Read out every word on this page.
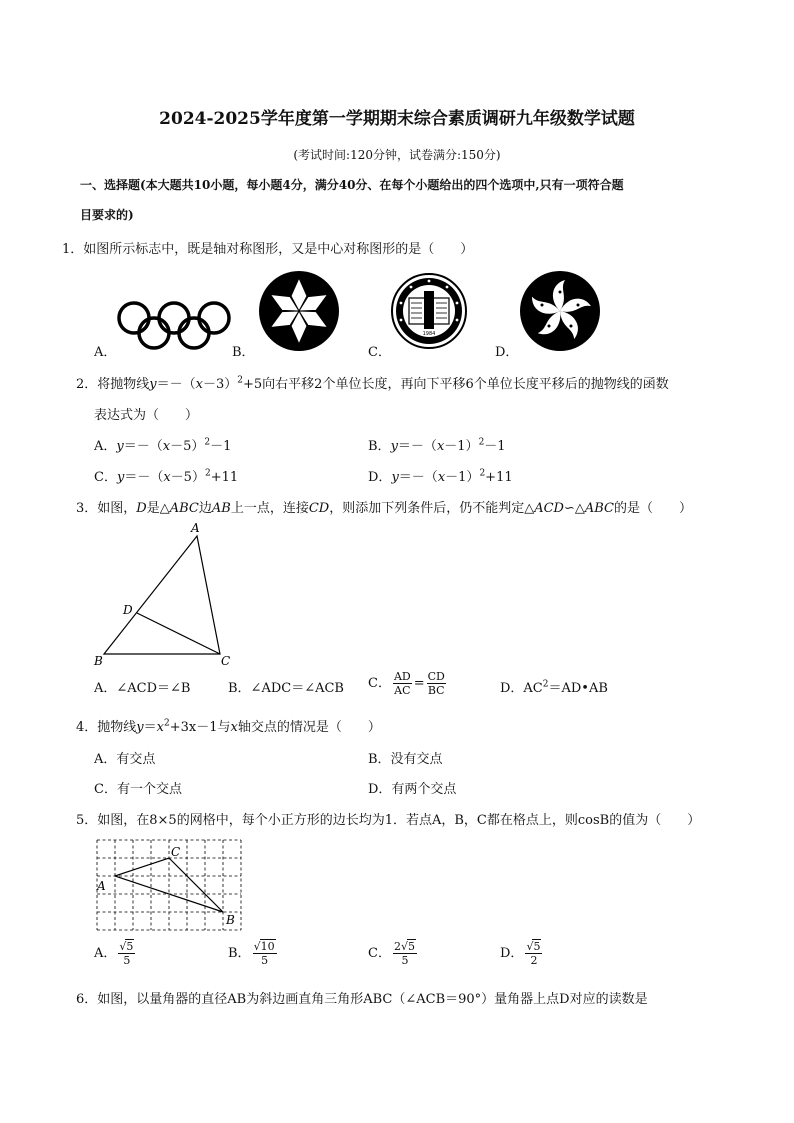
2024-2025学年度第一学期期末综合素质调研九年级数学试题
(考试时间:120分钟，试卷满分:150分)
一、选择题(本大题共10小题，每小题4分，满分40分、在每个小题给出的四个选项中,只有一项符合题
目要求的)
1．如图所示标志中，既是轴对称图形，又是中心对称图形的是（　　）
1984
A．	B．	C．	D．
2．将抛物线$y=-(x-3)^2+5$向右平移2个单位长度，再向下平移6个单位长度平移后的抛物线的函数
表达式为（　　）
A．$y=-(x-5)^2-1$	B．$y=-(x-1)^2-1$
C．$y=-(x-5)^2+11$	D．$y=-(x-1)^2+11$
3．如图，D是△ABC边AB上一点，连接CD，则添加下列条件后，仍不能判定△ACD∽△ABC的是（　　）
A
D
B	C
A．∠ACD＝∠B	B．∠ADC＝∠ACB C． $\frac{AD}{AC} = \frac{CD}{BC}$	D．$AC^2=AD•AB$
4．抛物线$y=x^2+3x-1$与x轴交点的情况是（　　）
A．有交点	B．没有交点
C．有一个交点	D．有两个交点
5．如图，在8×5的网格中，每个小正方形的边长均为1．若点A，B，C都在格点上，则cosB的值为（　　）
A
C
B
A． $\frac{√5}{5}$	B． $\frac{√10}{5}$	C． $\frac{2√5}{5}$	D． $\frac{√5}{2}$
6．如图，以量角器的直径AB为斜边画直角三角形ABC（∠ACB＝90°）量角器上点D对应的读数是
